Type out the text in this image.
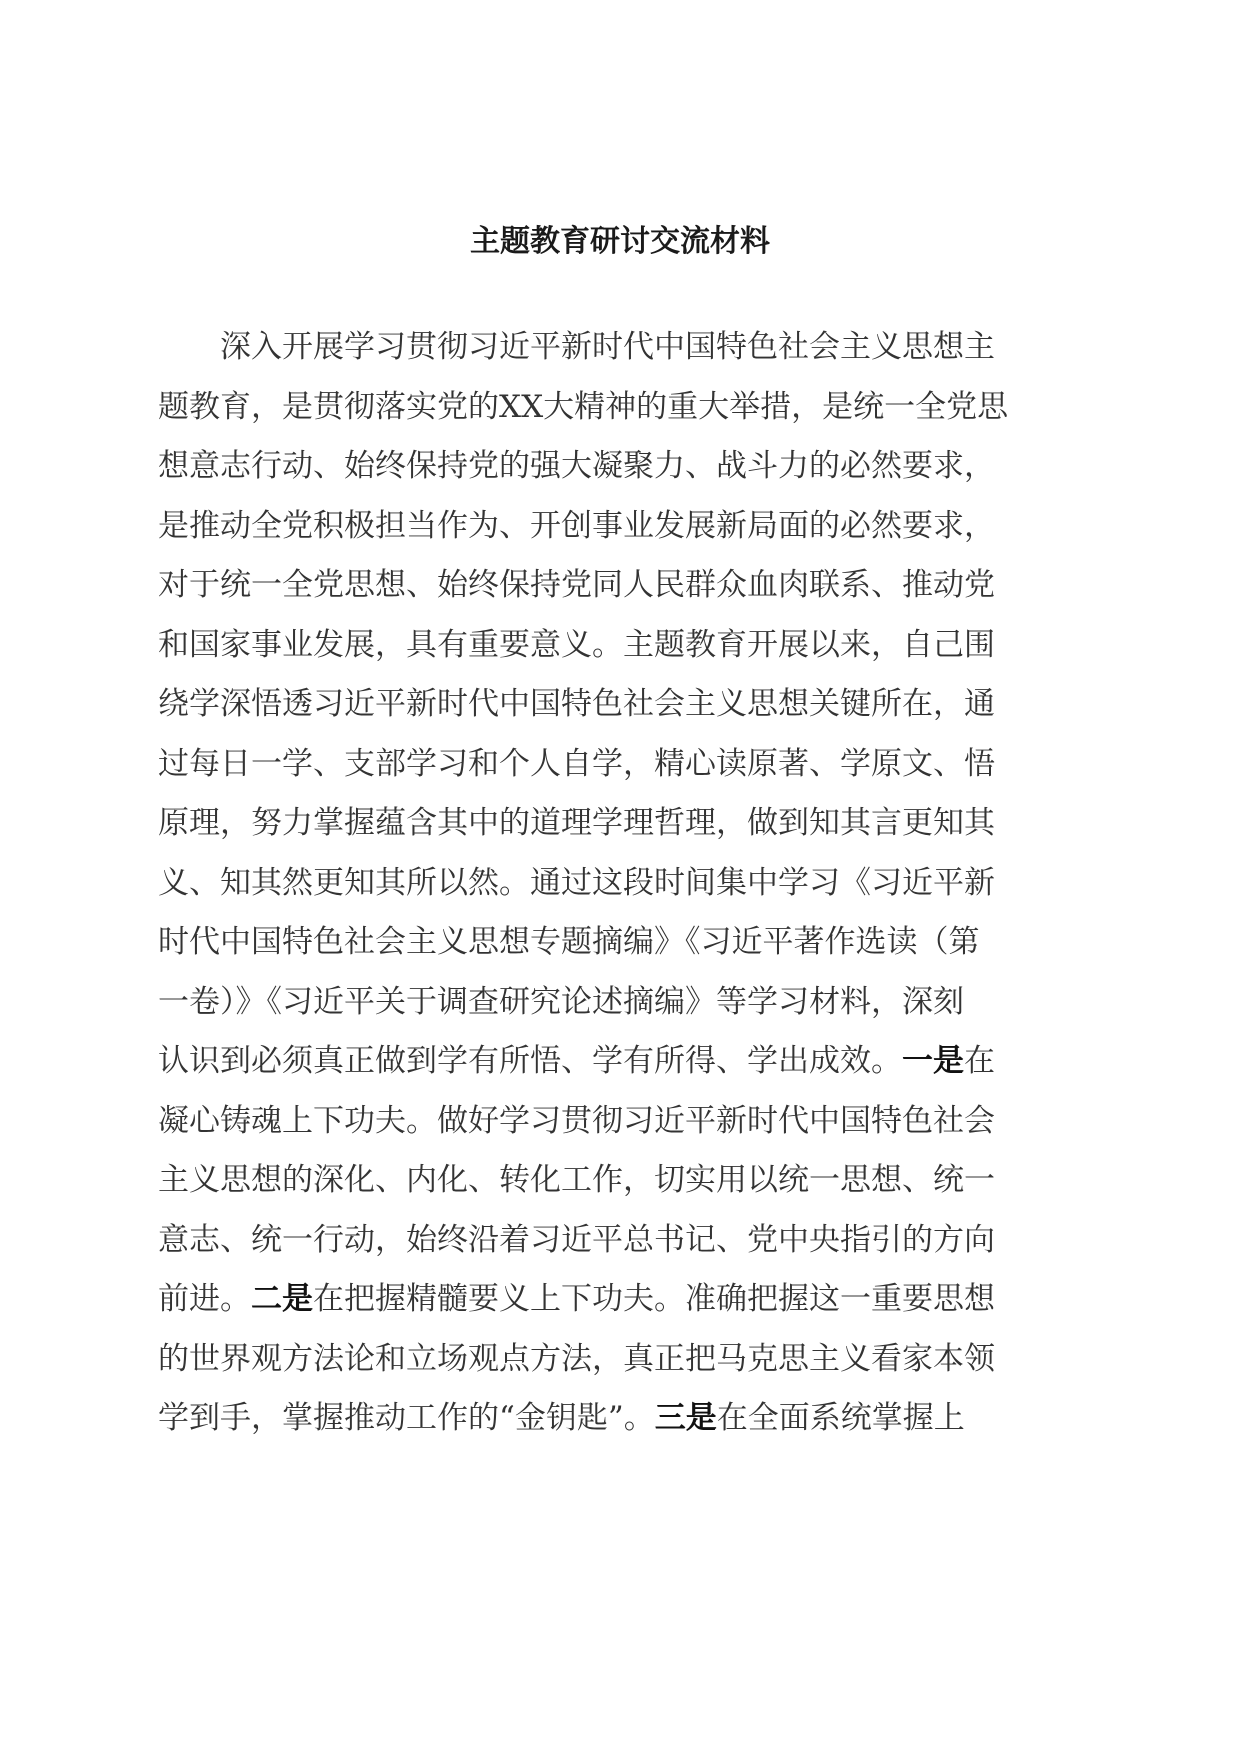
主题教育研讨交流材料
深入开展学习贯彻习近平新时代中国特色社会主义思想主
题教育，是贯彻落实党的XX大精神的重大举措，是统一全党思
想意志行动、始终保持党的强大凝聚力、战斗力的必然要求，
是推动全党积极担当作为、开创事业发展新局面的必然要求，
对于统一全党思想、始终保持党同人民群众血肉联系、推动党
和国家事业发展，具有重要意义。主题教育开展以来，自己围
绕学深悟透习近平新时代中国特色社会主义思想关键所在，通
过每日一学、支部学习和个人自学，精心读原著、学原文、悟
原理，努力掌握蕴含其中的道理学理哲理，做到知其言更知其
义、知其然更知其所以然。通过这段时间集中学习《习近平新
时代中国特色社会主义思想专题摘编》《习近平著作选读（第
一卷）》《习近平关于调查研究论述摘编》等学习材料，深刻
认识到必须真正做到学有所悟、学有所得、学出成效。一是在
凝心铸魂上下功夫。做好学习贯彻习近平新时代中国特色社会
主义思想的深化、内化、转化工作，切实用以统一思想、统一
意志、统一行动，始终沿着习近平总书记、党中央指引的方向
前进。二是在把握精髓要义上下功夫。准确把握这一重要思想
的世界观方法论和立场观点方法，真正把马克思主义看家本领
学到手，掌握推动工作的“金钥匙”。三是在全面系统掌握上
